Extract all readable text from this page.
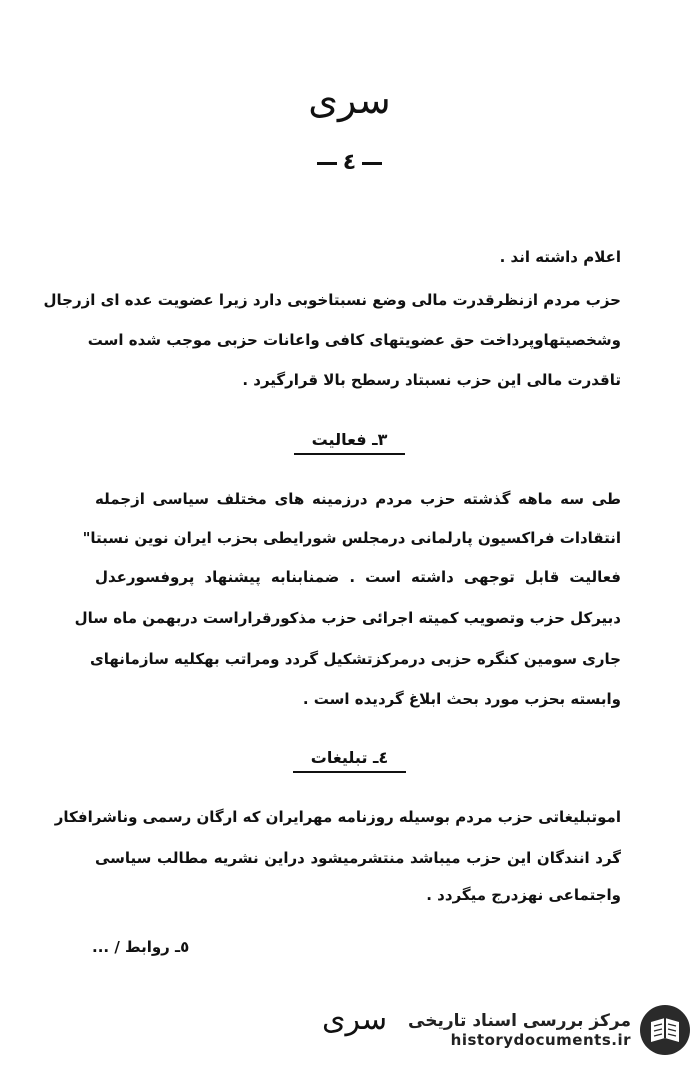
سری
٤
اعلام داشته اند .
حزب مردم ازنظرقدرت مالی وضع نسبتاخوبی دارد زیرا عضویت عده ای ازرجال
وشخصیتهاوپرداخت حق عضویتهای کافی واعانات حزبی موجب شده است
تاقدرت مالی این حزب نسبتاد رسطح بالا قرارگیرد .
٣ـ فعالیت
طی سه ماهه گذشته حزب مردم درزمینه های مختلف سیاسی ازجمله
انتقادات فراکسیون پارلمانی درمجلس شورایطی بحزب ایران نوین نسبتا"
فعالیت قابل توجهی داشته است . ضمنابنابه پیشنهاد پروفسورعدل
دبیرکل حزب وتصویب کمیته اجرائی حزب مذکورقراراست دربهمن ماه سال
جاری سومین کنگره حزبی درمرکزتشکیل گردد ومراتب بهکلیه سازمانهای
وابسته بحزب مورد بحث ابلاغ گردیده است .
٤ـ تبلیغات
اموتبلیغاتی حزب مردم بوسیله روزنامه مهرایران که ارگان رسمی وناشرافکار
گرد انندگان این حزب میباشد منتشرمیشود دراین نشریه مطالب سیاسی
واجتماعی نهزدرج میگردد .
٥ـ روابط / ...
سری مرکز بررسی اسناد تاریخی
historydocuments.ir
